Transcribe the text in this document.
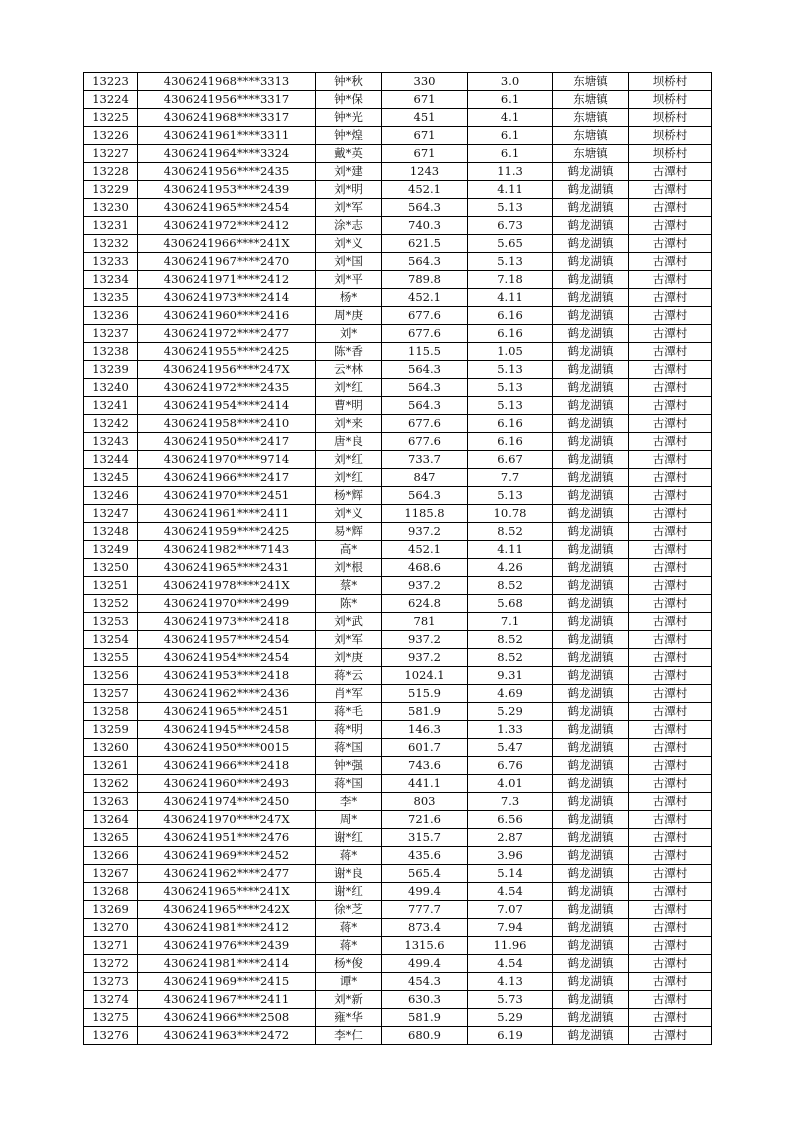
13223	4306241968****3313	钟*秋	330	3.0	东塘镇	坝桥村
13224	4306241956****3317	钟*保	671	6.1	东塘镇	坝桥村
13225	4306241968****3317	钟*光	451	4.1	东塘镇	坝桥村
13226	4306241961****3311	钟*煌	671	6.1	东塘镇	坝桥村
13227	4306241964****3324	戴*英	671	6.1	东塘镇	坝桥村
13228	4306241956****2435	刘*建	1243	11.3	鹤龙湖镇	古潭村
13229	4306241953****2439	刘*明	452.1	4.11	鹤龙湖镇	古潭村
13230	4306241965****2454	刘*军	564.3	5.13	鹤龙湖镇	古潭村
13231	4306241972****2412	涂*志	740.3	6.73	鹤龙湖镇	古潭村
13232	4306241966****241X	刘*义	621.5	5.65	鹤龙湖镇	古潭村
13233	4306241967****2470	刘*国	564.3	5.13	鹤龙湖镇	古潭村
13234	4306241971****2412	刘*平	789.8	7.18	鹤龙湖镇	古潭村
13235	4306241973****2414	杨*	452.1	4.11	鹤龙湖镇	古潭村
13236	4306241960****2416	周*庚	677.6	6.16	鹤龙湖镇	古潭村
13237	4306241972****2477	刘*	677.6	6.16	鹤龙湖镇	古潭村
13238	4306241955****2425	陈*香	115.5	1.05	鹤龙湖镇	古潭村
13239	4306241956****247X	云*林	564.3	5.13	鹤龙湖镇	古潭村
13240	4306241972****2435	刘*红	564.3	5.13	鹤龙湖镇	古潭村
13241	4306241954****2414	曹*明	564.3	5.13	鹤龙湖镇	古潭村
13242	4306241958****2410	刘*来	677.6	6.16	鹤龙湖镇	古潭村
13243	4306241950****2417	唐*良	677.6	6.16	鹤龙湖镇	古潭村
13244	4306241970****9714	刘*红	733.7	6.67	鹤龙湖镇	古潭村
13245	4306241966****2417	刘*红	847	7.7	鹤龙湖镇	古潭村
13246	4306241970****2451	杨*辉	564.3	5.13	鹤龙湖镇	古潭村
13247	4306241961****2411	刘*义	1185.8	10.78	鹤龙湖镇	古潭村
13248	4306241959****2425	易*辉	937.2	8.52	鹤龙湖镇	古潭村
13249	4306241982****7143	高*	452.1	4.11	鹤龙湖镇	古潭村
13250	4306241965****2431	刘*根	468.6	4.26	鹤龙湖镇	古潭村
13251	4306241978****241X	蔡*	937.2	8.52	鹤龙湖镇	古潭村
13252	4306241970****2499	陈*	624.8	5.68	鹤龙湖镇	古潭村
13253	4306241973****2418	刘*武	781	7.1	鹤龙湖镇	古潭村
13254	4306241957****2454	刘*军	937.2	8.52	鹤龙湖镇	古潭村
13255	4306241954****2454	刘*庚	937.2	8.52	鹤龙湖镇	古潭村
13256	4306241953****2418	蒋*云	1024.1	9.31	鹤龙湖镇	古潭村
13257	4306241962****2436	肖*军	515.9	4.69	鹤龙湖镇	古潭村
13258	4306241965****2451	蒋*毛	581.9	5.29	鹤龙湖镇	古潭村
13259	4306241945****2458	蒋*明	146.3	1.33	鹤龙湖镇	古潭村
13260	4306241950****0015	蒋*国	601.7	5.47	鹤龙湖镇	古潭村
13261	4306241966****2418	钟*强	743.6	6.76	鹤龙湖镇	古潭村
13262	4306241960****2493	蒋*国	441.1	4.01	鹤龙湖镇	古潭村
13263	4306241974****2450	李*	803	7.3	鹤龙湖镇	古潭村
13264	4306241970****247X	周*	721.6	6.56	鹤龙湖镇	古潭村
13265	4306241951****2476	谢*红	315.7	2.87	鹤龙湖镇	古潭村
13266	4306241969****2452	蒋*	435.6	3.96	鹤龙湖镇	古潭村
13267	4306241962****2477	谢*良	565.4	5.14	鹤龙湖镇	古潭村
13268	4306241965****241X	谢*红	499.4	4.54	鹤龙湖镇	古潭村
13269	4306241965****242X	徐*芝	777.7	7.07	鹤龙湖镇	古潭村
13270	4306241981****2412	蒋*	873.4	7.94	鹤龙湖镇	古潭村
13271	4306241976****2439	蒋*	1315.6	11.96	鹤龙湖镇	古潭村
13272	4306241981****2414	杨*俊	499.4	4.54	鹤龙湖镇	古潭村
13273	4306241969****2415	谭*	454.3	4.13	鹤龙湖镇	古潭村
13274	4306241967****2411	刘*新	630.3	5.73	鹤龙湖镇	古潭村
13275	4306241966****2508	雍*华	581.9	5.29	鹤龙湖镇	古潭村
13276	4306241963****2472	李*仁	680.9	6.19	鹤龙湖镇	古潭村
